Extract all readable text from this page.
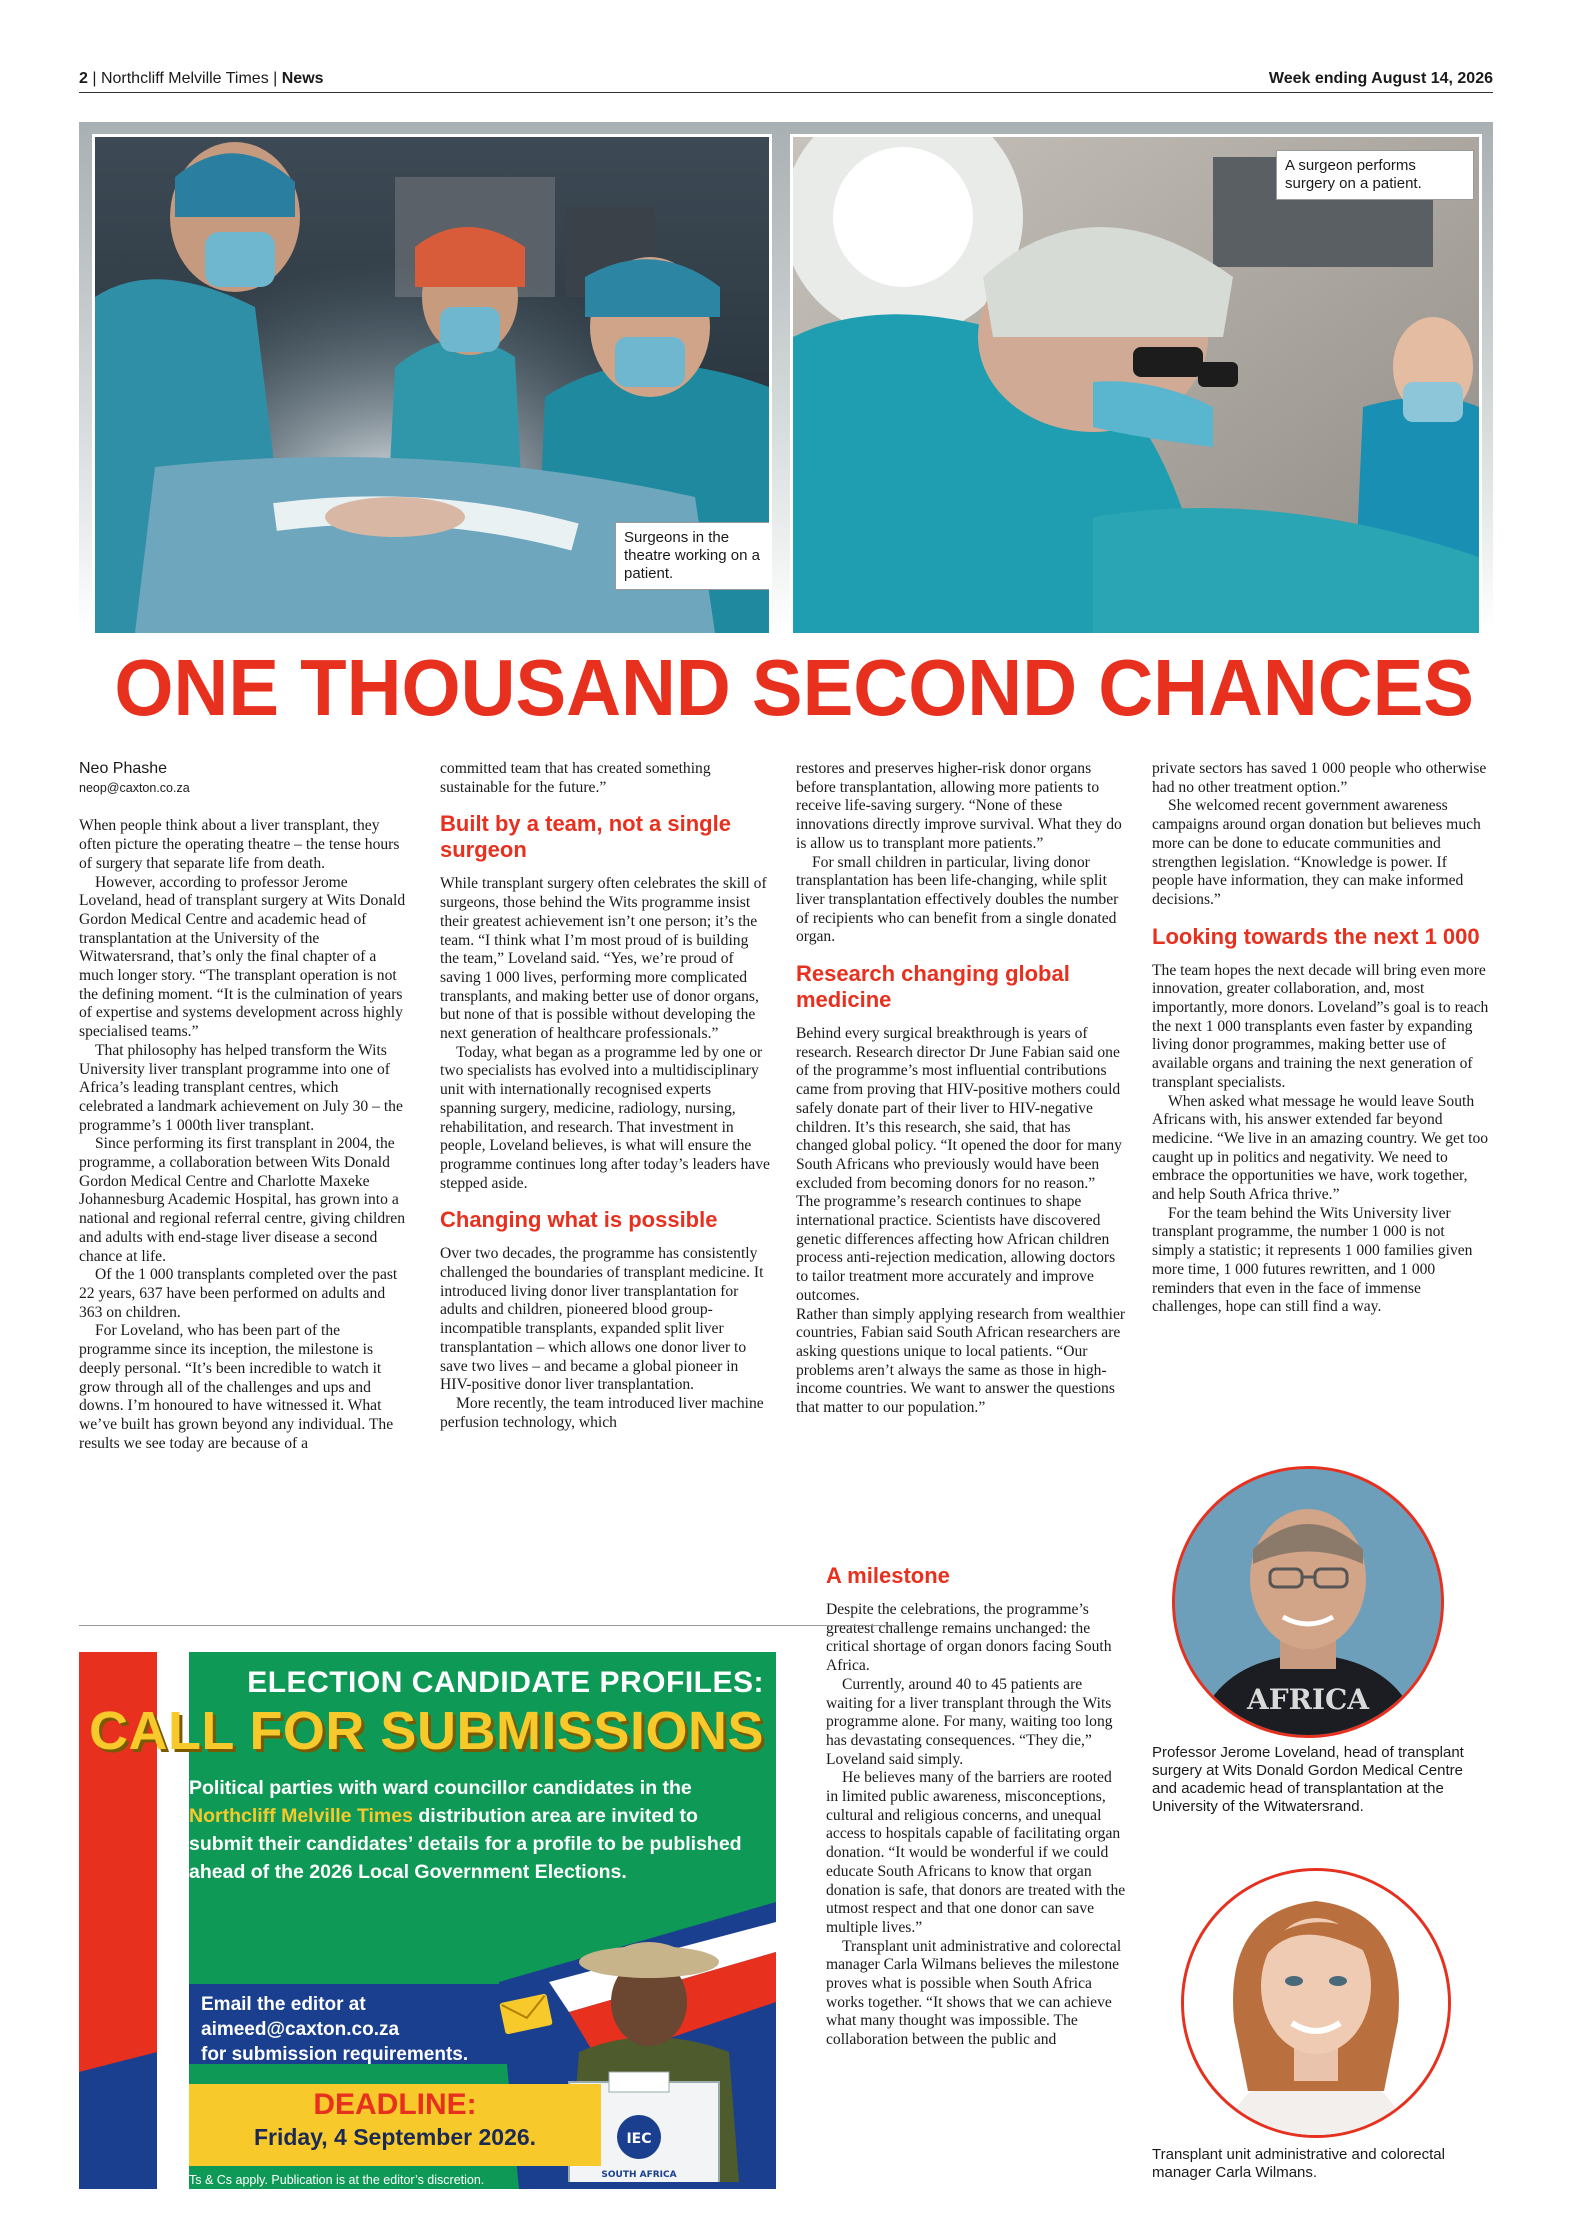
2 | Northcliff Melville Times | News	Week ending August 14, 2026
Surgeons in the theatre working on a patient.
A surgeon performs surgery on a patient.
ONE THOUSAND SECOND CHANCES
Neo Phashe
neop@caxton.co.za

When people think about a liver transplant, they often picture the operating theatre – the tense hours of surgery that separate life from death.

However, according to professor Jerome Loveland, head of transplant surgery at Wits Donald Gordon Medical Centre and academic head of transplantation at the University of the Witwatersrand, that’s only the final chapter of a much longer story. “The transplant operation is not the defining moment. “It is the culmination of years of expertise and systems development across highly specialised teams.”

That philosophy has helped transform the Wits University liver transplant programme into one of Africa’s leading transplant centres, which celebrated a landmark achievement on July 30 – the programme’s 1 000th liver transplant.

Since performing its first transplant in 2004, the programme, a collaboration between Wits Donald Gordon Medical Centre and Charlotte Maxeke Johannesburg Academic Hospital, has grown into a national and regional referral centre, giving children and adults with end-stage liver disease a second chance at life.

Of the 1 000 transplants completed over the past 22 years, 637 have been performed on adults and 363 on children.

For Loveland, who has been part of the programme since its inception, the milestone is deeply personal. “It’s been incredible to watch it grow through all of the challenges and ups and downs. I’m honoured to have witnessed it. What we’ve built has grown beyond any individual. The results we see today are because of a

committed team that has created something sustainable for the future.”

Built by a team, not a single surgeon

While transplant surgery often celebrates the skill of surgeons, those behind the Wits programme insist their greatest achievement isn’t one person; it’s the team. “I think what I’m most proud of is building the team,” Loveland said. “Yes, we’re proud of saving 1 000 lives, performing more complicated transplants, and making better use of donor organs, but none of that is possible without developing the next generation of healthcare professionals.”

Today, what began as a programme led by one or two specialists has evolved into a multidisciplinary unit with internationally recognised experts spanning surgery, medicine, radiology, nursing, rehabilitation, and research. That investment in people, Loveland believes, is what will ensure the programme continues long after today’s leaders have stepped aside.

Changing what is possible

Over two decades, the programme has consistently challenged the boundaries of transplant medicine. It introduced living donor liver transplantation for adults and children, pioneered blood group-incompatible transplants, expanded split liver transplantation – which allows one donor liver to save two lives – and became a global pioneer in HIV-positive donor liver transplantation.

More recently, the team introduced liver machine perfusion technology, which

restores and preserves higher-risk donor organs before transplantation, allowing more patients to receive life-saving surgery. “None of these innovations directly improve survival. What they do is allow us to transplant more patients.”

For small children in particular, living donor transplantation has been life-changing, while split liver transplantation effectively doubles the number of recipients who can benefit from a single donated organ.

Research changing global medicine

Behind every surgical breakthrough is years of research. Research director Dr June Fabian said one of the programme’s most influential contributions came from proving that HIV-positive mothers could safely donate part of their liver to HIV-negative children. It’s this research, she said, that has changed global policy. “It opened the door for many South Africans who previously would have been excluded from becoming donors for no reason.”

The programme’s research continues to shape international practice. Scientists have discovered genetic differences affecting how African children process anti-rejection medication, allowing doctors to tailor treatment more accurately and improve outcomes.

Rather than simply applying research from wealthier countries, Fabian said South African researchers are asking questions unique to local patients. “Our problems aren’t always the same as those in high-income countries. We want to answer the questions that matter to our population.”

A milestone

Despite the celebrations, the programme’s greatest challenge remains unchanged: the critical shortage of organ donors facing South Africa.

Currently, around 40 to 45 patients are waiting for a liver transplant through the Wits programme alone. For many, waiting too long has devastating consequences. “They die,” Loveland said simply.

He believes many of the barriers are rooted in limited public awareness, misconceptions, cultural and religious concerns, and unequal access to hospitals capable of facilitating organ donation. “It would be wonderful if we could educate South Africans to know that organ donation is safe, that donors are treated with the utmost respect and that one donor can save multiple lives.”

Transplant unit administrative and colorectal manager Carla Wilmans believes the milestone proves what is possible when South Africa works together. “It shows that we can achieve what many thought was impossible. The collaboration between the public and

private sectors has saved 1 000 people who otherwise had no other treatment option.”

She welcomed recent government awareness campaigns around organ donation but believes much more can be done to educate communities and strengthen legislation. “Knowledge is power. If people have information, they can make informed decisions.”

Looking towards the next 1 000

The team hopes the next decade will bring even more innovation, greater collaboration, and, most importantly, more donors. Loveland”s goal is to reach the next 1 000 transplants even faster by expanding living donor programmes, making better use of available organs and training the next generation of transplant specialists.

When asked what message he would leave South Africans with, his answer extended far beyond medicine. “We live in an amazing country. We get too caught up in politics and negativity. We need to embrace the opportunities we have, work together, and help South Africa thrive.”

For the team behind the Wits University liver transplant programme, the number 1 000 is not simply a statistic; it represents 1 000 families given more time, 1 000 futures rewritten, and 1 000 reminders that even in the face of immense challenges, hope can still find a way.

AFRICA
Professor Jerome Loveland, head of transplant surgery at Wits Donald Gordon Medical Centre and academic head of transplantation at the University of the Witwatersrand.
Transplant unit administrative and colorectal manager Carla Wilmans.
ELECTION CANDIDATE PROFILES:
CALL FOR SUBMISSIONS
Political parties with ward councillor candidates in the Northcliff Melville Times distribution area are invited to submit their candidates’ details for a profile to be published ahead of the 2026 Local Government Elections.
IEC
SOUTH AFRICA
Email the editor at
aimeed@caxton.co.za
for submission requirements.
DEADLINE:
Friday, 4 September 2026.
Ts & Cs apply. Publication is at the editor’s discretion.
